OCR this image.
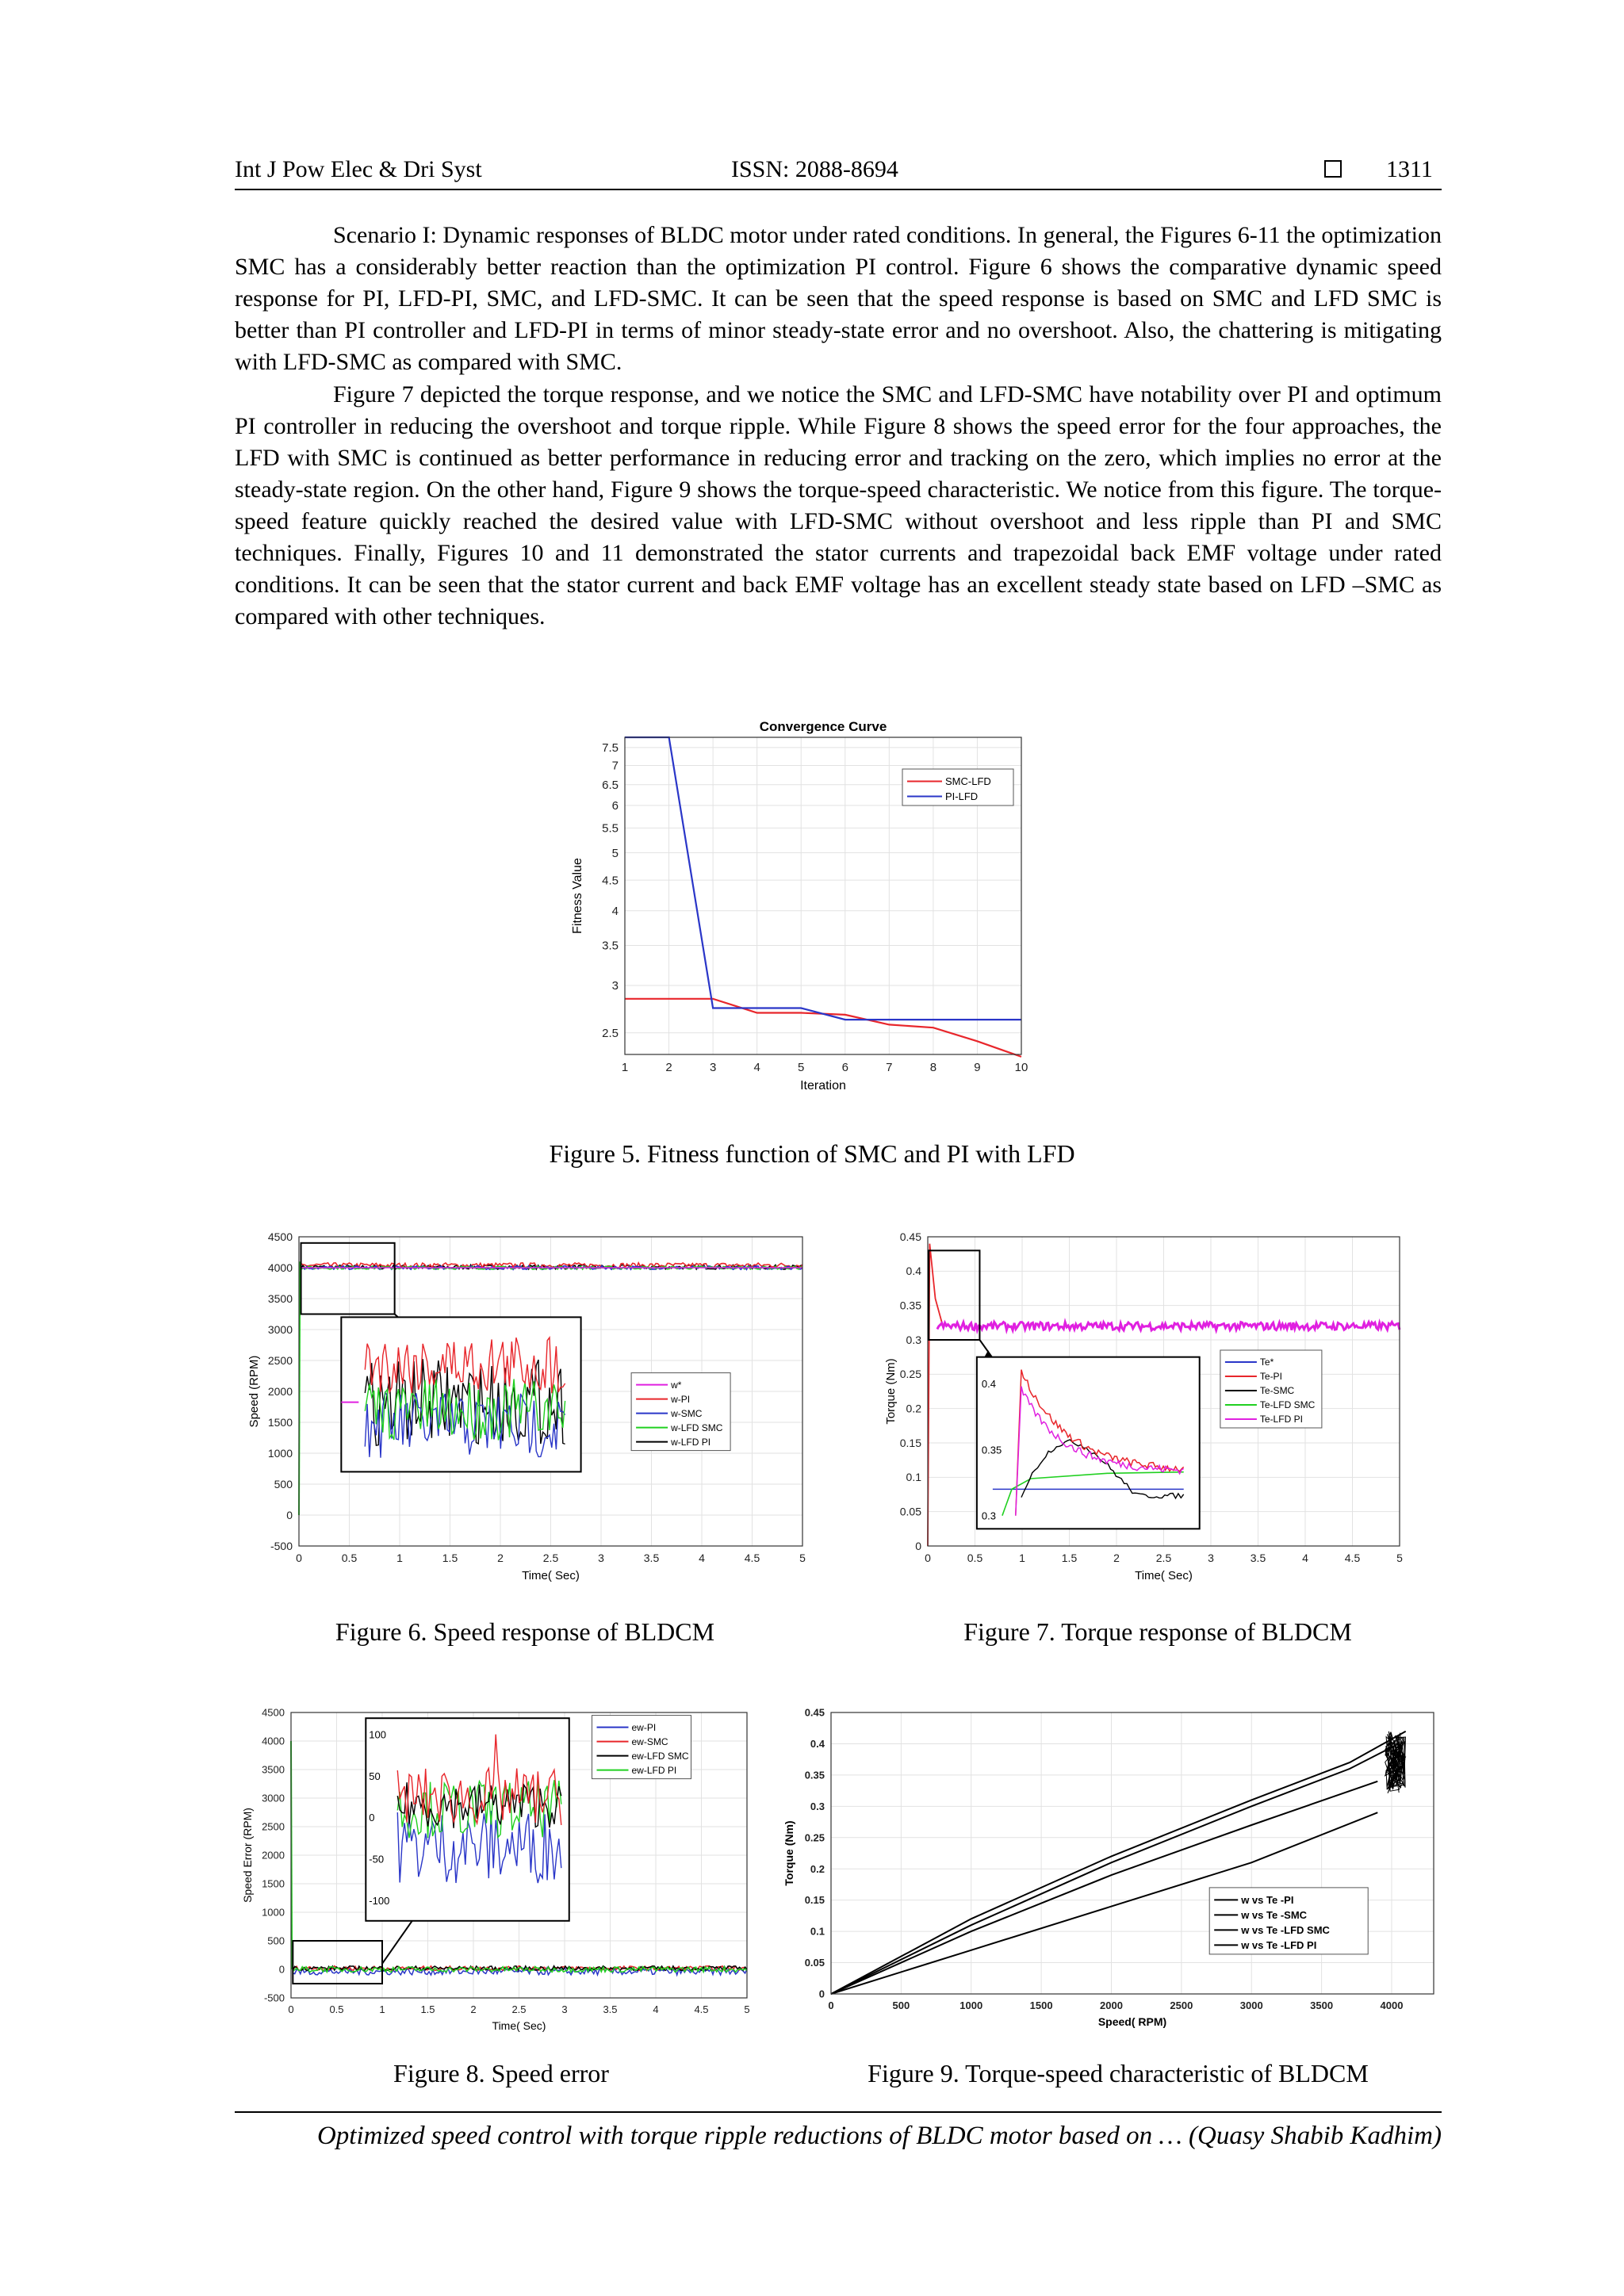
Int J Pow Elec & Dri Syst	ISSN: 2088-8694	1311

Scenario I: Dynamic responses of BLDC motor under rated conditions. In general, the Figures 6-11 the optimization SMC has a considerably better reaction than the optimization PI control. Figure 6 shows the comparative dynamic speed response for PI, LFD-PI, SMC, and LFD-SMC. It can be seen that the speed response is based on SMC and LFD SMC is better than PI controller and LFD-PI in terms of minor steady-state error and no overshoot. Also, the chattering is mitigating with LFD-SMC as compared with SMC.

Figure 7 depicted the torque response, and we notice the SMC and LFD-SMC have notability over PI and optimum PI controller in reducing the overshoot and torque ripple. While Figure 8 shows the speed error for the four approaches, the LFD with SMC is continued as better performance in reducing error and tracking on the zero, which implies no error at the steady-state region. On the other hand, Figure 9 shows the torque-speed characteristic. We notice from this figure. The torque-speed feature quickly reached the desired value with LFD-SMC without overshoot and less ripple than PI and SMC techniques. Finally, Figures 10 and 11 demonstrated the stator currents and trapezoidal back EMF voltage under rated conditions. It can be seen that the stator current and back EMF voltage has an excellent steady state based on LFD –SMC as compared with other techniques.

1	2	3	4	5	6	7	8	9	10
2.5
3
3.5
4
4.5
5
5.5
6
6.5
7
7.5
Convergence Curve
Iteration
Fitness Value
SMC-LFD
PI-LFD
Figure 5. Fitness function of SMC and PI with LFD
0	0.5	1	1.5	2	2.5	3	3.5	4	4.5	5
-500
0
500
1000
1500
2000
2500
3000
3500
4000
4500
Time( Sec)
Speed (RPM)	w*
w-PI
w-SMC
w-LFD SMC
w-LFD PI
Figure 6. Speed response of BLDCM
0	0.5	1	1.5	2	2.5	3	3.5	4	4.5	5
0
0.05
0.1
0.15
0.2
0.25
0.3
0.35
0.4
0.45
Time( Sec)
Torque (Nm)	0.4
0.35
0.3
Te*
Te-PI
Te-SMC
Te-LFD SMC
Te-LFD PI
Figure 7. Torque response of BLDCM
0	0.5	1	1.5	2	2.5	3	3.5	4	4.5	5
-500
0
500
1000
1500
2000
2500
3000
3500
4000
4500
Time( Sec)
Speed Error (RPM)
100
50
0
-50
-100
ew-PI
ew-SMC
ew-LFD SMC
ew-LFD PI
Figure 8. Speed error
0	500	1000	1500	2000	2500	3000	3500	4000
0
0.05
0.1
0.15
0.2
0.25
0.3
0.35
0.4
0.45
Speed( RPM)
Torque (Nm)
w vs Te -PI
w vs Te -SMC
w vs Te -LFD SMC
w vs Te -LFD PI
Figure 9. Torque-speed characteristic of BLDCM
Optimized speed control with torque ripple reductions of BLDC motor based on … (Quasy Shabib Kadhim)
